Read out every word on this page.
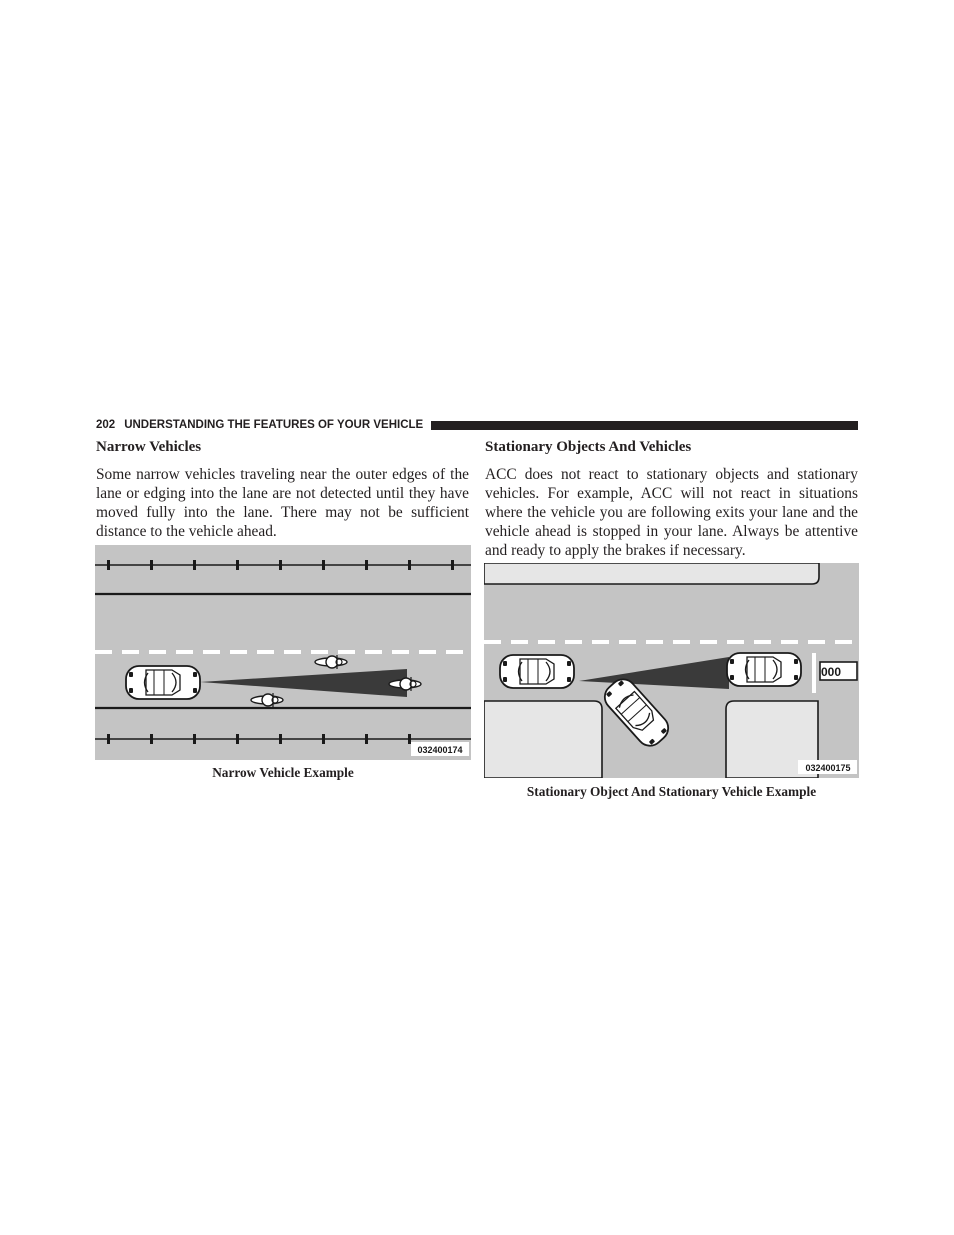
202 UNDERSTANDING THE FEATURES OF YOUR VEHICLE
Narrow Vehicles

Some narrow vehicles traveling near the outer edges of the lane or edging into the lane are not detected until they have moved fully into the lane. There may not be sufficient distance to the vehicle ahead.

032400174
Narrow Vehicle Example
Stationary Objects And Vehicles

ACC does not react to stationary objects and stationary vehicles. For example, ACC will not react in situations where the vehicle you are following exits your lane and the vehicle ahead is stopped in your lane. Always be attentive and ready to apply the brakes if necessary.

000
032400175
Stationary Object And Stationary Vehicle Example
